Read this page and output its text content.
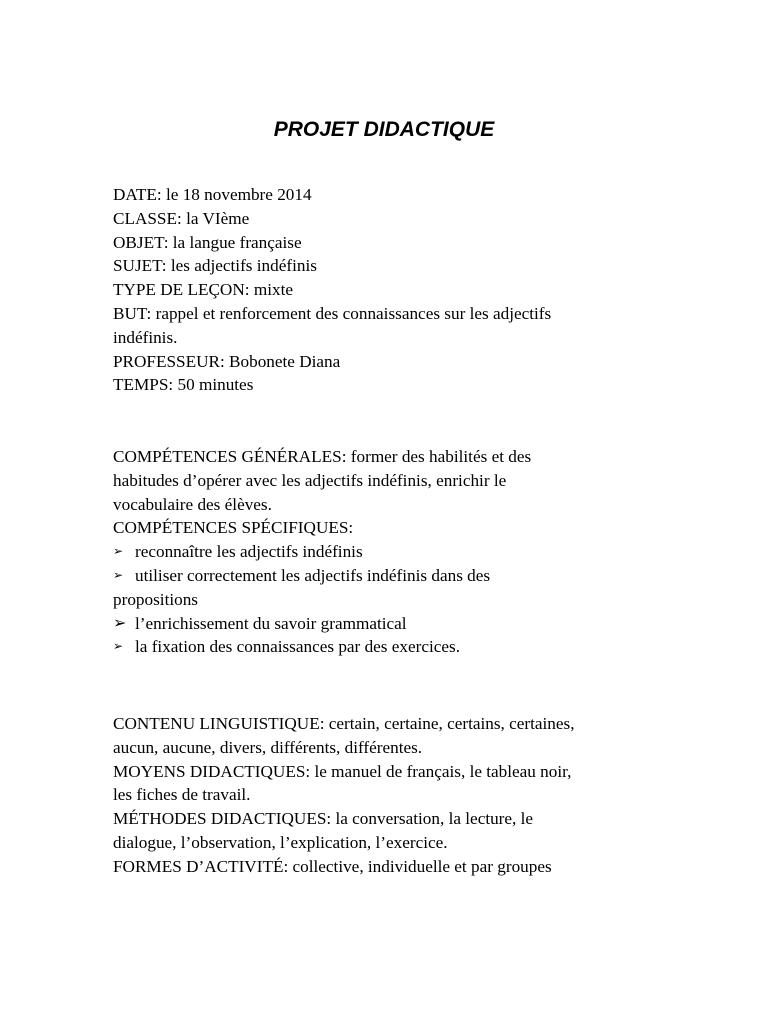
PROJET DIDACTIQUE
DATE: le 18 novembre 2014
CLASSE: la VIème
OBJET: la langue française
SUJET: les adjectifs indéfinis
TYPE DE LEÇON: mixte
BUT: rappel et renforcement des connaissances sur les adjectifs
indéfinis.
PROFESSEUR: Bobonete Diana
TEMPS: 50 minutes
COMPÉTENCES GÉNÉRALES: former des habilités et des
habitudes d’opérer avec les adjectifs indéfinis, enrichir le
vocabulaire des élèves.
COMPÉTENCES SPÉCIFIQUES:
➢ reconnaître les adjectifs indéfinis
➢ utiliser correctement les adjectifs indéfinis dans des
propositions
➢ l’enrichissement du savoir grammatical
➢ la fixation des connaissances par des exercices.
CONTENU LINGUISTIQUE: certain, certaine, certains, certaines,
aucun, aucune, divers, différents, différentes.
MOYENS DIDACTIQUES: le manuel de français, le tableau noir,
les fiches de travail.
MÉTHODES DIDACTIQUES: la conversation, la lecture, le
dialogue, l’observation, l’explication, l’exercice.
FORMES D’ACTIVITÉ: collective, individuelle et par groupes
